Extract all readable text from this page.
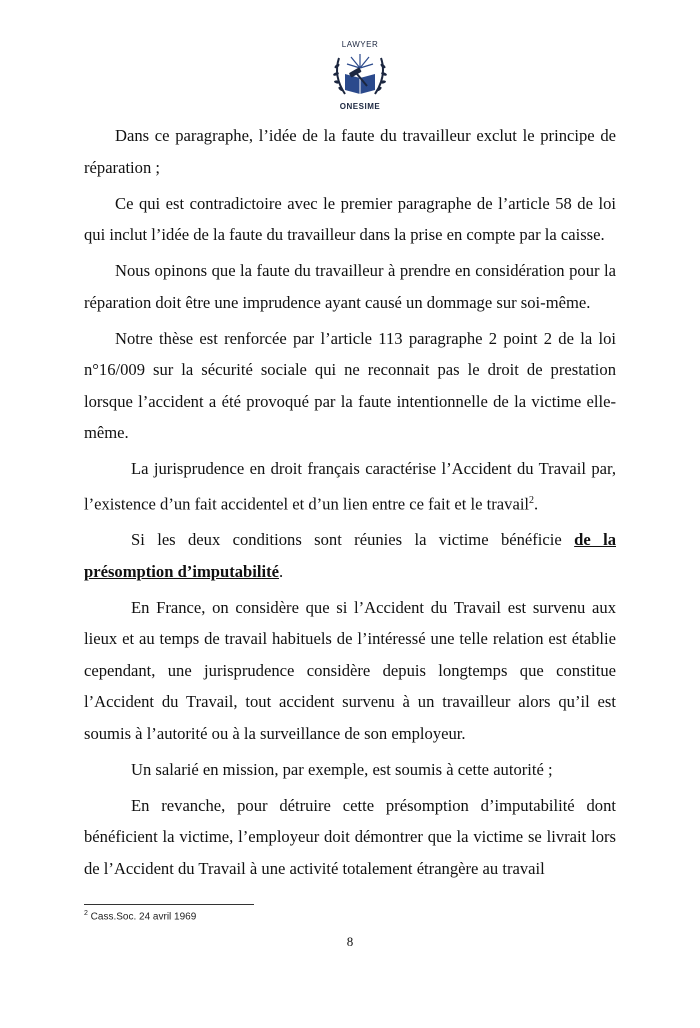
LAWYER
ONESIME

Dans ce paragraphe, l’idée de la faute du travailleur exclut le principe de réparation ;

Ce qui est contradictoire avec le premier paragraphe de l’article 58 de loi qui inclut l’idée de la faute du travailleur dans la prise en compte par la caisse.

Nous opinons que la faute du travailleur à prendre en considération pour la réparation doit être une imprudence ayant causé un dommage sur soi-même.

Notre thèse est renforcée par l’article 113 paragraphe 2 point 2 de la loi n°16/009 sur la sécurité sociale qui ne reconnait pas le droit de prestation lorsque l’accident a été provoqué par la faute intentionnelle de la victime elle-même.

La jurisprudence en droit français caractérise l’Accident du Travail par, l’existence d’un fait accidentel et d’un lien entre ce fait et le travail$^2$.

Si les deux conditions sont réunies la victime bénéficie de la présomption d’imputabilité.

En France, on considère que si l’Accident du Travail est survenu aux lieux et au temps de travail habituels de l’intéressé une telle relation est établie cependant, une jurisprudence considère depuis longtemps que constitue l’Accident du Travail, tout accident survenu à un travailleur alors qu’il est soumis à l’autorité ou à la surveillance de son employeur.

Un salarié en mission, par exemple, est soumis à cette autorité ;

En revanche, pour détruire cette présomption d’imputabilité dont bénéficient la victime, l’employeur doit démontrer que la victime se livrait lors de l’Accident du Travail à une activité totalement étrangère au travail

$^2$ Cass.Soc. 24 avril 1969
8
